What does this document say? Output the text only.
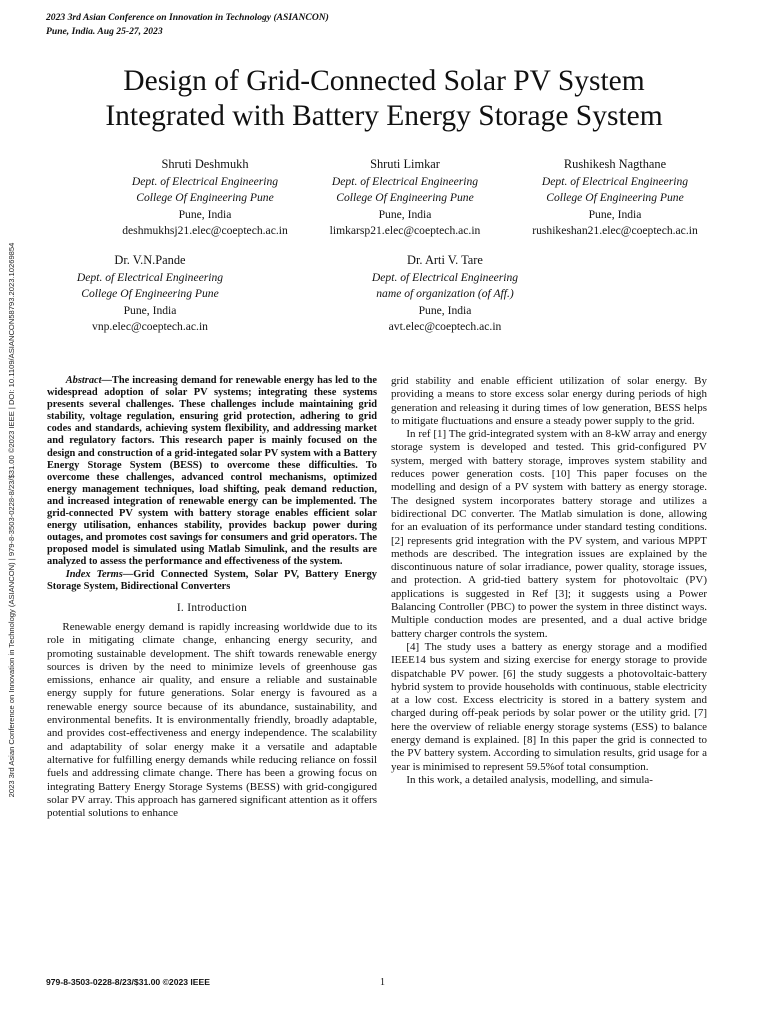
2023 3rd Asian Conference on Innovation in Technology (ASIANCON)
Pune, India. Aug 25-27, 2023
Design of Grid-Connected Solar PV System
Integrated with Battery Energy Storage System
Shruti Deshmukh
Dept. of Electrical Engineering
College Of Engineering Pune
Pune, India
deshmukhsj21.elec@coeptech.ac.in
Shruti Limkar
Dept. of Electrical Engineering
College Of Engineering Pune
Pune, India
limkarsp21.elec@coeptech.ac.in
Rushikesh Nagthane
Dept. of Electrical Engineering
College Of Engineering Pune
Pune, India
rushikeshan21.elec@coeptech.ac.in
Dr. V.N.Pande
Dept. of Electrical Engineering
College Of Engineering Pune
Pune, India
vnp.elec@coeptech.ac.in
Dr. Arti V. Tare
Dept. of Electrical Engineering
name of organization (of Aff.)
Pune, India
avt.elec@coeptech.ac.in
2023 3rd Asian Conference on Innovation in Technology (ASIANCON) | 979-8-3503-0228-8/23/$31.00 ©2023 IEEE | DOI: 10.1109/ASIANCON58793.2023.10269854	Abstract—The increasing demand for renewable energy has led to the widespread adoption of solar PV systems; integrating these systems presents several challenges. These challenges include maintaining grid stability, voltage regulation, ensuring grid protection, adhering to grid codes and standards, achieving system flexibility, and addressing market and regulatory factors. This research paper is mainly focused on the design and construction of a grid-integated solar PV system with a Battery Energy Storage System (BESS) to overcome these difficulties. To overcome these challenges, advanced control mechanisms, optimized energy management techniques, load shifting, peak demand reduction, and increased integration of renewable energy can be implemented. The grid-connected PV system with battery storage enables efficient solar energy utilisation, enhances stability, provides backup power during outages, and promotes cost savings for consumers and grid operators. The proposed model is simulated using Matlab Simulink, and the results are analyzed to assess the performance and effectiveness of the system.

Index Terms—Grid Connected System, Solar PV, Battery Energy Storage System, Bidirectional Converters

I. Introduction

Renewable energy demand is rapidly increasing worldwide due to its role in mitigating climate change, enhancing energy security, and promoting sustainable development. The shift towards renewable energy sources is driven by the need to minimize levels of greenhouse gas emissions, enhance air quality, and ensure a reliable and sustainable energy supply for future generations. Solar energy is favoured as a renewable energy source because of its abundance, sustainability, and environmental benefits. It is environmentally friendly, broadly adaptable, and provides cost-effectiveness and energy independence. The scalability and adaptability of solar energy make it a versatile and adaptable alternative for fulfilling energy demands while reducing reliance on fossil fuels and addressing climate change. There has been a growing focus on integrating Battery Energy Storage Systems (BESS) with grid-congigured solar PV array. This approach has garnered significant attention as it offers potential solutions to enhance

grid stability and enable efficient utilization of solar energy. By providing a means to store excess solar energy during periods of high generation and releasing it during times of low generation, BESS helps to mitigate fluctuations and ensure a steady power supply to the grid.

In ref [1] The grid-integrated system with an 8-kW array and energy storage system is developed and tested. This grid-configured PV system, merged with battery storage, improves system stability and reduces power generation costs. [10] This paper focuses on the modelling and design of a PV system with battery as energy storage. The designed system incorporates battery storage and utilizes a bidirectional DC converter. The Matlab simulation is done, allowing for an evaluation of its performance under standard testing conditions.[2] represents grid integration with the PV system, and various MPPT methods are described. The integration issues are explained by the discontinuous nature of solar irradiance, power quality, storage issues, and protection. A grid-tied battery system for photovoltaic (PV) applications is suggested in Ref [3]; it suggests using a Power Balancing Controller (PBC) to power the system in three distinct ways. Multiple conduction modes are presented, and a dual active bridge battery charger controls the system.

[4] The study uses a battery as energy storage and a modified IEEE14 bus system and sizing exercise for energy storage to provide dispatchable PV power. [6] the study suggests a photovoltaic-battery hybrid system to provide households with continuous, stable electricity at a low cost. Excess electricity is stored in a battery system and charged during off-peak periods by solar power or the utility grid. [7] here the overview of reliable energy storage systems (ESS) to balance energy demand is explained. [8] In this paper the grid is connected to the PV battery system. According to simulation results, grid usage for a year is minimised to represent 59.5%of total consumption.

In this work, a detailed analysis, modelling, and simula-

979-8-3503-0228-8/23/$31.00 ©2023 IEEE	1
